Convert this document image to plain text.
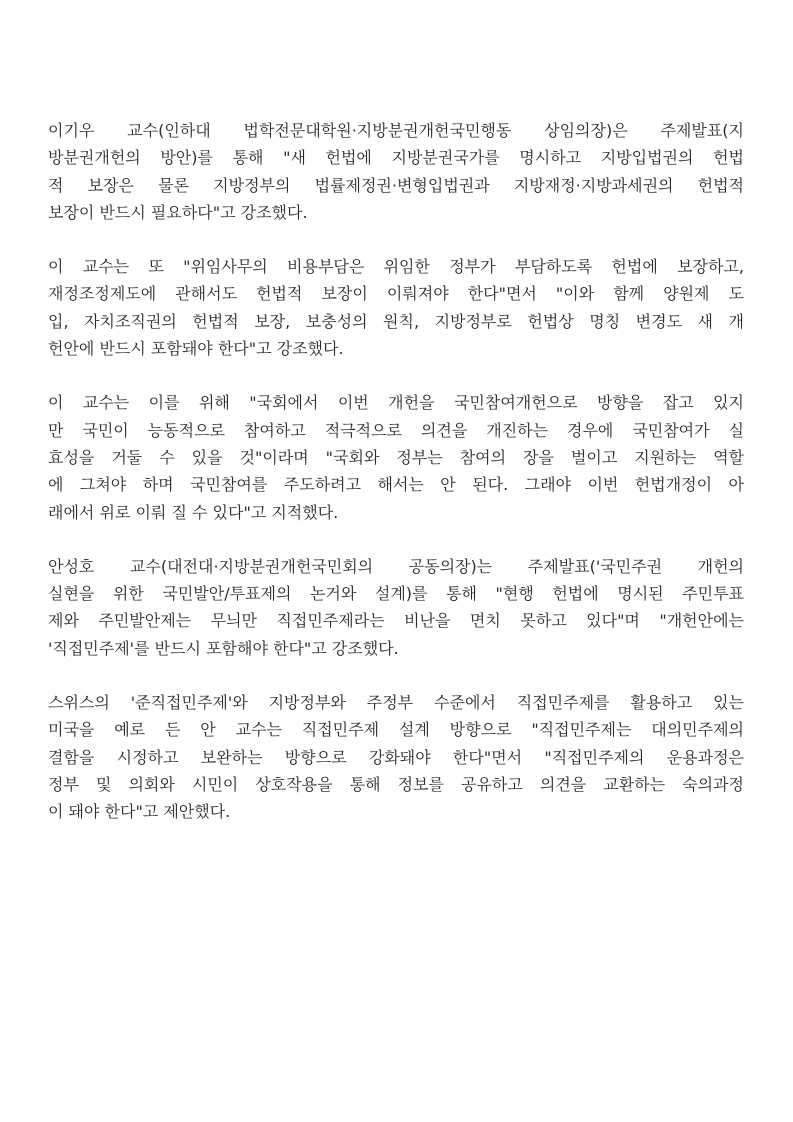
이기우 교수(인하대 법학전문대학원·지방분권개헌국민행동 상임의장)은 주제발표(지
방분권개헌의 방안)를 통해 "새 헌법에 지방분권국가를 명시하고 지방입법권의 헌법
적 보장은 물론 지방정부의 법률제정권·변형입법권과 지방재정·지방과세권의 헌법적
보장이 반드시 필요하다"고 강조했다.

이 교수는 또 "위임사무의 비용부담은 위임한 정부가 부담하도록 헌법에 보장하고,
재정조정제도에 관해서도 헌법적 보장이 이뤄져야 한다"면서 "이와 함께 양원제 도
입, 자치조직권의 헌법적 보장, 보충성의 원칙, 지방정부로 헌법상 명칭 변경도 새 개
헌안에 반드시 포함돼야 한다"고 강조했다.

이 교수는 이를 위해 "국회에서 이번 개헌을 국민참여개헌으로 방향을 잡고 있지
만 국민이 능동적으로 참여하고 적극적으로 의견을 개진하는 경우에 국민참여가 실
효성을 거둘 수 있을 것"이라며 "국회와 정부는 참여의 장을 벌이고 지원하는 역할
에 그쳐야 하며 국민참여를 주도하려고 해서는 안 된다. 그래야 이번 헌법개정이 아
래에서 위로 이뤄 질 수 있다"고 지적했다.

안성호 교수(대전대·지방분권개헌국민회의 공동의장)는 주제발표('국민주권 개헌의
실현을 위한 국민발안/투표제의 논거와 설계)를 통해 "현행 헌법에 명시된 주민투표
제와 주민발안제는 무늬만 직접민주제라는 비난을 면치 못하고 있다"며 "개헌안에는
'직접민주제'를 반드시 포함해야 한다"고 강조했다.

스위스의 '준직접민주제'와 지방정부와 주정부 수준에서 직접민주제를 활용하고 있는
미국을 예로 든 안 교수는 직접민주제 설계 방향으로 "직접민주제는 대의민주제의
결함을 시정하고 보완하는 방향으로 강화돼야 한다"면서 "직접민주제의 운용과정은
정부 및 의회와 시민이 상호작용을 통해 정보를 공유하고 의견을 교환하는 숙의과정
이 돼야 한다"고 제안했다.
